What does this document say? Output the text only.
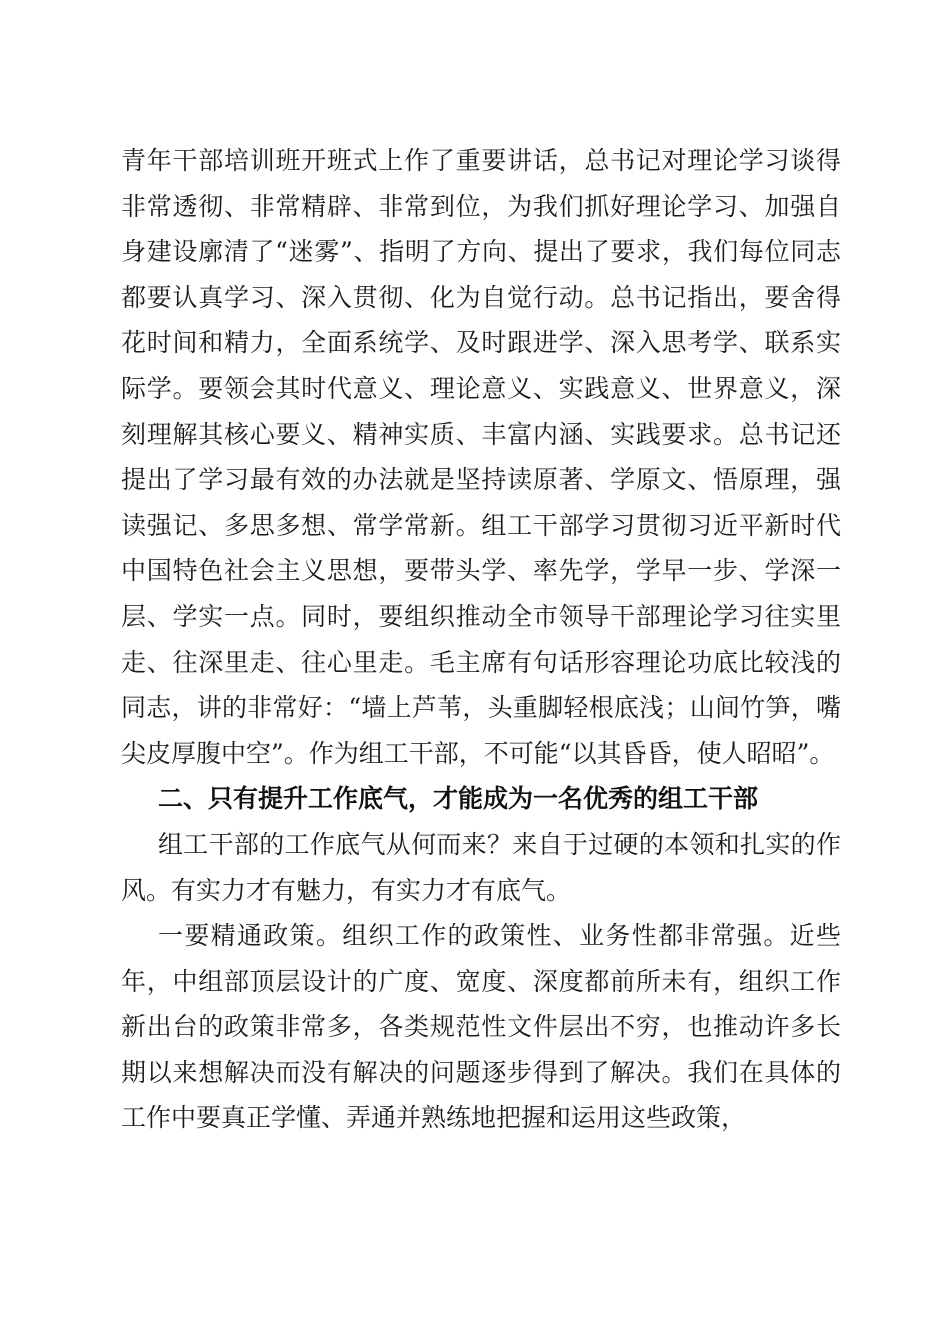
青年干部培训班开班式上作了重要讲话，总书记对理论学习谈得非常透彻、非常精辟、非常到位，为我们抓好理论学习、加强自身建设廓清了“迷雾”、指明了方向、提出了要求，我们每位同志都要认真学习、深入贯彻、化为自觉行动。总书记指出，要舍得花时间和精力，全面系统学、及时跟进学、深入思考学、联系实际学。要领会其时代意义、理论意义、实践意义、世界意义，深刻理解其核心要义、精神实质、丰富内涵、实践要求。总书记还提出了学习最有效的办法就是坚持读原著、学原文、悟原理，强读强记、多思多想、常学常新。组工干部学习贯彻习近平新时代中国特色社会主义思想，要带头学、率先学，学早一步、学深一层、学实一点。同时，要组织推动全市领导干部理论学习往实里走、往深里走、往心里走。毛主席有句话形容理论功底比较浅的同志，讲的非常好：“墙上芦苇，头重脚轻根底浅；山间竹笋，嘴尖皮厚腹中空”。作为组工干部，不可能“以其昏昏，使人昭昭”。

二、只有提升工作底气，才能成为一名优秀的组工干部

组工干部的工作底气从何而来？来自于过硬的本领和扎实的作风。有实力才有魅力，有实力才有底气。

一要精通政策。组织工作的政策性、业务性都非常强。近些年，中组部顶层设计的广度、宽度、深度都前所未有，组织工作新出台的政策非常多，各类规范性文件层出不穷，也推动许多长期以来想解决而没有解决的问题逐步得到了解决。我们在具体的工作中要真正学懂、弄通并熟练地把握和运用这些政策，
